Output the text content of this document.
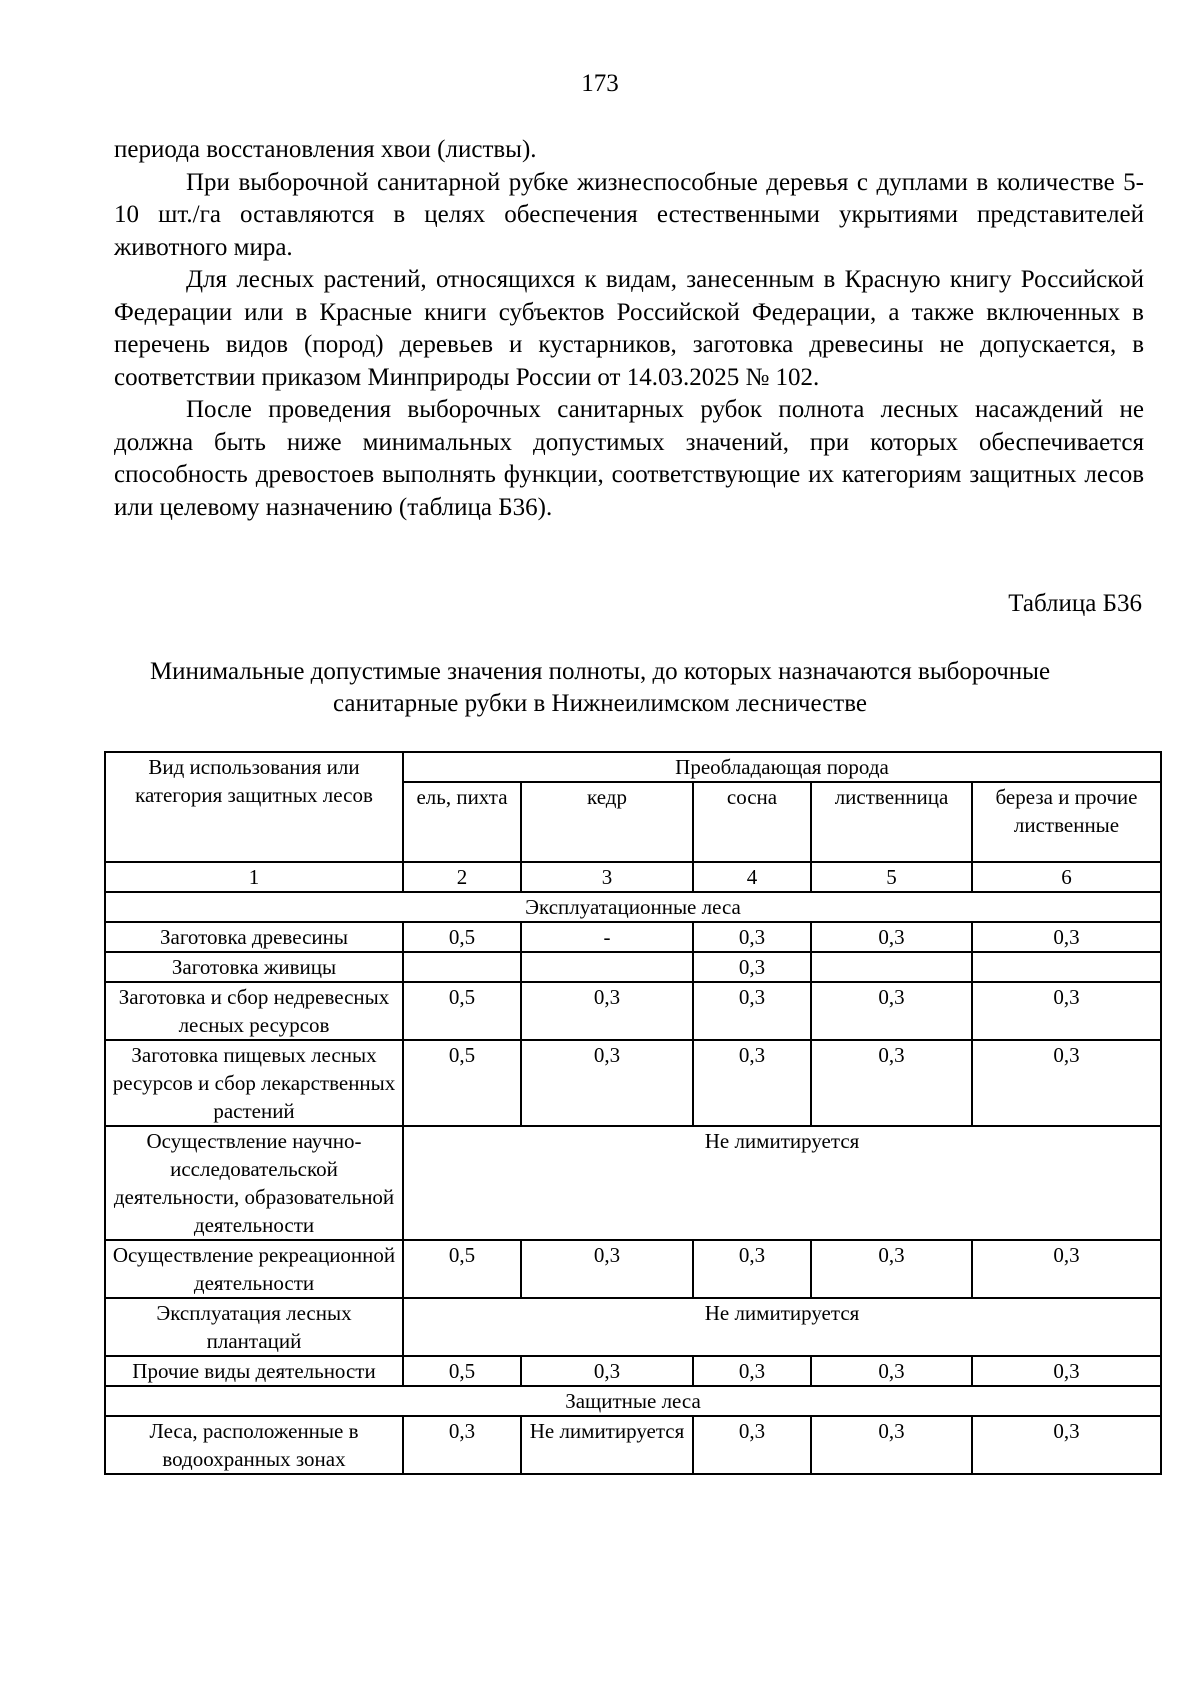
173

периода восстановления хвои (листвы).

При выборочной санитарной рубке жизнеспособные деревья с дуплами в количестве 5-10 шт./га оставляются в целях обеспечения естественными укрытиями представителей животного мира.

Для лесных растений, относящихся к видам, занесенным в Красную книгу Российской Федерации или в Красные книги субъектов Российской Федерации, а также включенных в перечень видов (пород) деревьев и кустарников, заготовка древесины не допускается, в соответствии приказом Минприроды России от 14.03.2025 № 102.

После проведения выборочных санитарных рубок полнота лесных насаждений не должна быть ниже минимальных допустимых значений, при которых обеспечивается способность древостоев выполнять функции, соответствующие их категориям защитных лесов или целевому назначению (таблица Б36).

Таблица Б36
Минимальные допустимые значения полноты, до которых назначаются выборочные
санитарные рубки в Нижнеилимском лесничестве
Вид использования или категория защитных лесов	Преобладающая порода				
	ель, пихта	кедр	сосна	лиственница	береза и прочие лиственные
1	2	3	4	5	6
Эксплуатационные леса					
Заготовка древесины	0,5	-	0,3	0,3	0,3
Заготовка живицы			0,3		
Заготовка и сбор недревесных лесных ресурсов	0,5	0,3	0,3	0,3	0,3
Заготовка пищевых лесных ресурсов и сбор лекарственных растений	0,5	0,3	0,3	0,3	0,3
Осуществление научно-исследовательской деятельности, образовательной деятельности	Не лимитируется				
Осуществление рекреационной деятельности	0,5	0,3	0,3	0,3	0,3
Эксплуатация лесных плантаций	Не лимитируется				
Прочие виды деятельности	0,5	0,3	0,3	0,3	0,3
Защитные леса					
Леса, расположенные в водоохранных зонах	0,3	Не лимитируется	0,3	0,3	0,3
